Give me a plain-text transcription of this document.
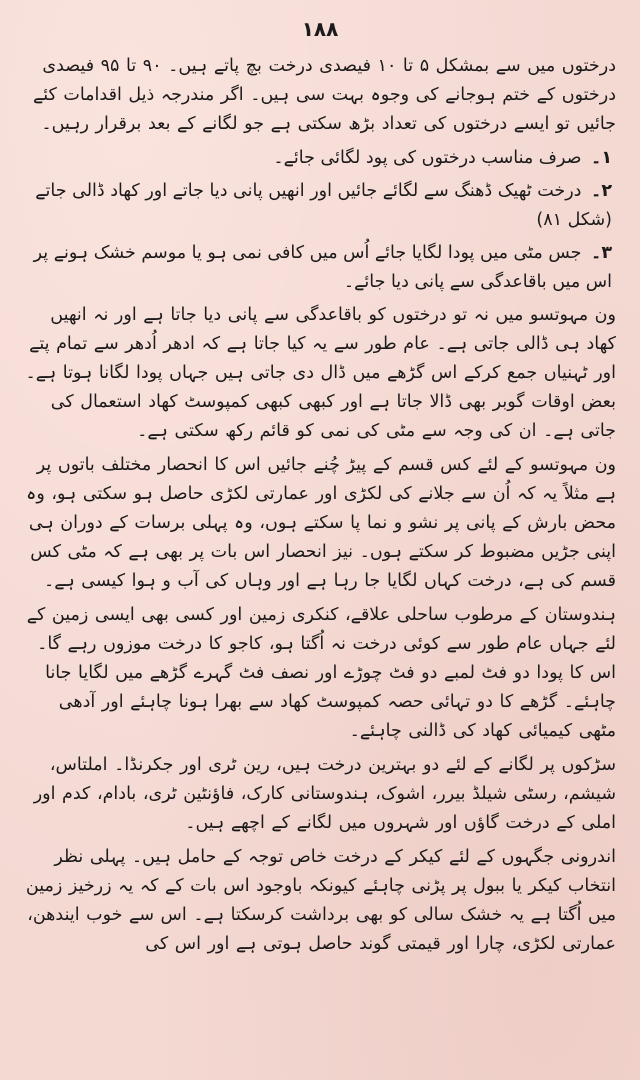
۱۸۸

درختوں میں سے بمشکل ۵ تا ۱۰ فیصدی درخت بچ پاتے ہیں۔ ۹۰ تا ۹۵ فیصدی درختوں کے ختم ہوجانے کی وجوہ بہت سی ہیں۔ اگر مندرجہ ذیل اقدامات کئے جائیں تو ایسے درختوں کی تعداد بڑھ سکتی ہے جو لگانے کے بعد برقرار رہیں۔

۱۔ صرف مناسب درختوں کی پود لگائی جائے۔
۲۔ درخت ٹھیک ڈھنگ سے لگائے جائیں اور انھیں پانی دیا جاتے اور کھاد ڈالی جاتے (شکل ۸۱)
۳۔ جس مٹی میں پودا لگایا جائے اُس میں کافی نمی ہو یا موسم خشک ہونے پر اس میں باقاعدگی سے پانی دیا جائے۔

ون مہوتسو میں نہ تو درختوں کو باقاعدگی سے پانی دیا جاتا ہے اور نہ انھیں کھاد ہی ڈالی جاتی ہے۔ عام طور سے یہ کیا جاتا ہے کہ ادھر اُدھر سے تمام پتے اور ٹہنیاں جمع کرکے اس گڑھے میں ڈال دی جاتی ہیں جہاں پودا لگانا ہوتا ہے۔ بعض اوقات گوبر بھی ڈالا جاتا ہے اور کبھی کبھی کمپوسٹ کھاد استعمال کی جاتی ہے۔ ان کی وجہ سے مٹی کی نمی کو قائم رکھ سکتی ہے۔

ون مہوتسو کے لئے کس قسم کے پیڑ چُنے جائیں اس کا انحصار مختلف باتوں پر ہے مثلاً یہ کہ اُن سے جلانے کی لکڑی اور عمارتی لکڑی حاصل ہو سکتی ہو، وہ محض بارش کے پانی پر نشو و نما پا سکتے ہوں، وہ پہلی برسات کے دوران ہی اپنی جڑیں مضبوط کر سکتے ہوں۔ نیز انحصار اس بات پر بھی ہے کہ مٹی کس قسم کی ہے، درخت کہاں لگایا جا رہا ہے اور وہاں کی آب و ہوا کیسی ہے۔

ہندوستان کے مرطوب ساحلی علاقے، کنکری زمین اور کسی بھی ایسی زمین کے لئے جہاں عام طور سے کوئی درخت نہ اُگتا ہو، کاجو کا درخت موزوں رہے گا۔ اس کا پودا دو فٹ لمبے دو فٹ چوڑے اور نصف فٹ گہرے گڑھے میں لگایا جانا چاہئے۔ گڑھے کا دو تہائی حصہ کمپوسٹ کھاد سے بھرا ہونا چاہئے اور آدھی مٹھی کیمیائی کھاد کی ڈالنی چاہئے۔

سڑکوں پر لگانے کے لئے دو بہترین درخت ہیں، رین ٹری اور جکرنڈا۔ املتاس، شیشم، رسٹی شیلڈ بیرر، اشوک، ہندوستانی کارک، فاؤنٹین ٹری، بادام، کدم اور املی کے درخت گاؤں اور شہروں میں لگانے کے اچھے ہیں۔

اندرونی جگہوں کے لئے کیکر کے درخت خاص توجہ کے حامل ہیں۔ پہلی نظر انتخاب کیکر یا ببول پر پڑنی چاہئے کیونکہ باوجود اس بات کے کہ یہ زرخیز زمین میں اُگتا ہے یہ خشک سالی کو بھی برداشت کرسکتا ہے۔ اس سے خوب ایندھن، عمارتی لکڑی، چارا اور قیمتی گوند حاصل ہوتی ہے اور اس کی
